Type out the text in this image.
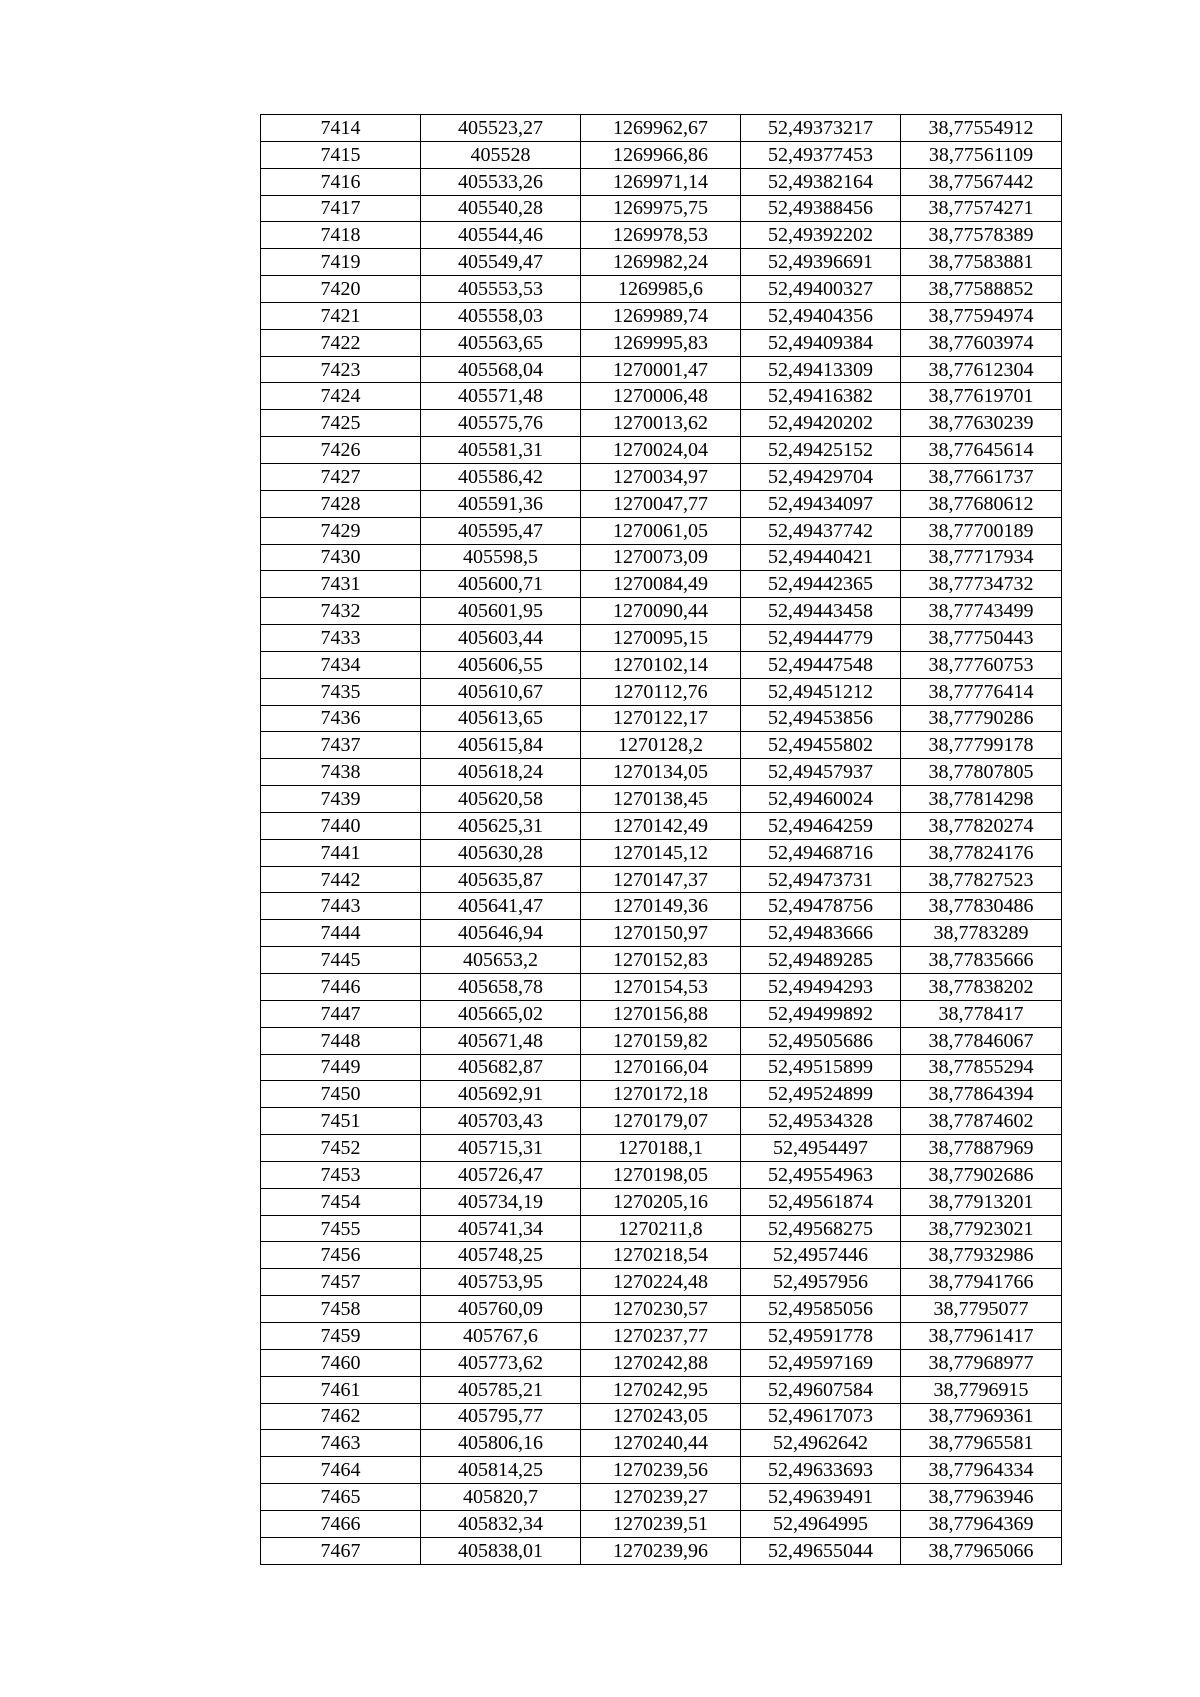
7414	405523,27	1269962,67	52,49373217	38,77554912
7415	405528	1269966,86	52,49377453	38,77561109
7416	405533,26	1269971,14	52,49382164	38,77567442
7417	405540,28	1269975,75	52,49388456	38,77574271
7418	405544,46	1269978,53	52,49392202	38,77578389
7419	405549,47	1269982,24	52,49396691	38,77583881
7420	405553,53	1269985,6	52,49400327	38,77588852
7421	405558,03	1269989,74	52,49404356	38,77594974
7422	405563,65	1269995,83	52,49409384	38,77603974
7423	405568,04	1270001,47	52,49413309	38,77612304
7424	405571,48	1270006,48	52,49416382	38,77619701
7425	405575,76	1270013,62	52,49420202	38,77630239
7426	405581,31	1270024,04	52,49425152	38,77645614
7427	405586,42	1270034,97	52,49429704	38,77661737
7428	405591,36	1270047,77	52,49434097	38,77680612
7429	405595,47	1270061,05	52,49437742	38,77700189
7430	405598,5	1270073,09	52,49440421	38,77717934
7431	405600,71	1270084,49	52,49442365	38,77734732
7432	405601,95	1270090,44	52,49443458	38,77743499
7433	405603,44	1270095,15	52,49444779	38,77750443
7434	405606,55	1270102,14	52,49447548	38,77760753
7435	405610,67	1270112,76	52,49451212	38,77776414
7436	405613,65	1270122,17	52,49453856	38,77790286
7437	405615,84	1270128,2	52,49455802	38,77799178
7438	405618,24	1270134,05	52,49457937	38,77807805
7439	405620,58	1270138,45	52,49460024	38,77814298
7440	405625,31	1270142,49	52,49464259	38,77820274
7441	405630,28	1270145,12	52,49468716	38,77824176
7442	405635,87	1270147,37	52,49473731	38,77827523
7443	405641,47	1270149,36	52,49478756	38,77830486
7444	405646,94	1270150,97	52,49483666	38,7783289
7445	405653,2	1270152,83	52,49489285	38,77835666
7446	405658,78	1270154,53	52,49494293	38,77838202
7447	405665,02	1270156,88	52,49499892	38,778417
7448	405671,48	1270159,82	52,49505686	38,77846067
7449	405682,87	1270166,04	52,49515899	38,77855294
7450	405692,91	1270172,18	52,49524899	38,77864394
7451	405703,43	1270179,07	52,49534328	38,77874602
7452	405715,31	1270188,1	52,4954497	38,77887969
7453	405726,47	1270198,05	52,49554963	38,77902686
7454	405734,19	1270205,16	52,49561874	38,77913201
7455	405741,34	1270211,8	52,49568275	38,77923021
7456	405748,25	1270218,54	52,4957446	38,77932986
7457	405753,95	1270224,48	52,4957956	38,77941766
7458	405760,09	1270230,57	52,49585056	38,7795077
7459	405767,6	1270237,77	52,49591778	38,77961417
7460	405773,62	1270242,88	52,49597169	38,77968977
7461	405785,21	1270242,95	52,49607584	38,7796915
7462	405795,77	1270243,05	52,49617073	38,77969361
7463	405806,16	1270240,44	52,4962642	38,77965581
7464	405814,25	1270239,56	52,49633693	38,77964334
7465	405820,7	1270239,27	52,49639491	38,77963946
7466	405832,34	1270239,51	52,4964995	38,77964369
7467	405838,01	1270239,96	52,49655044	38,77965066
